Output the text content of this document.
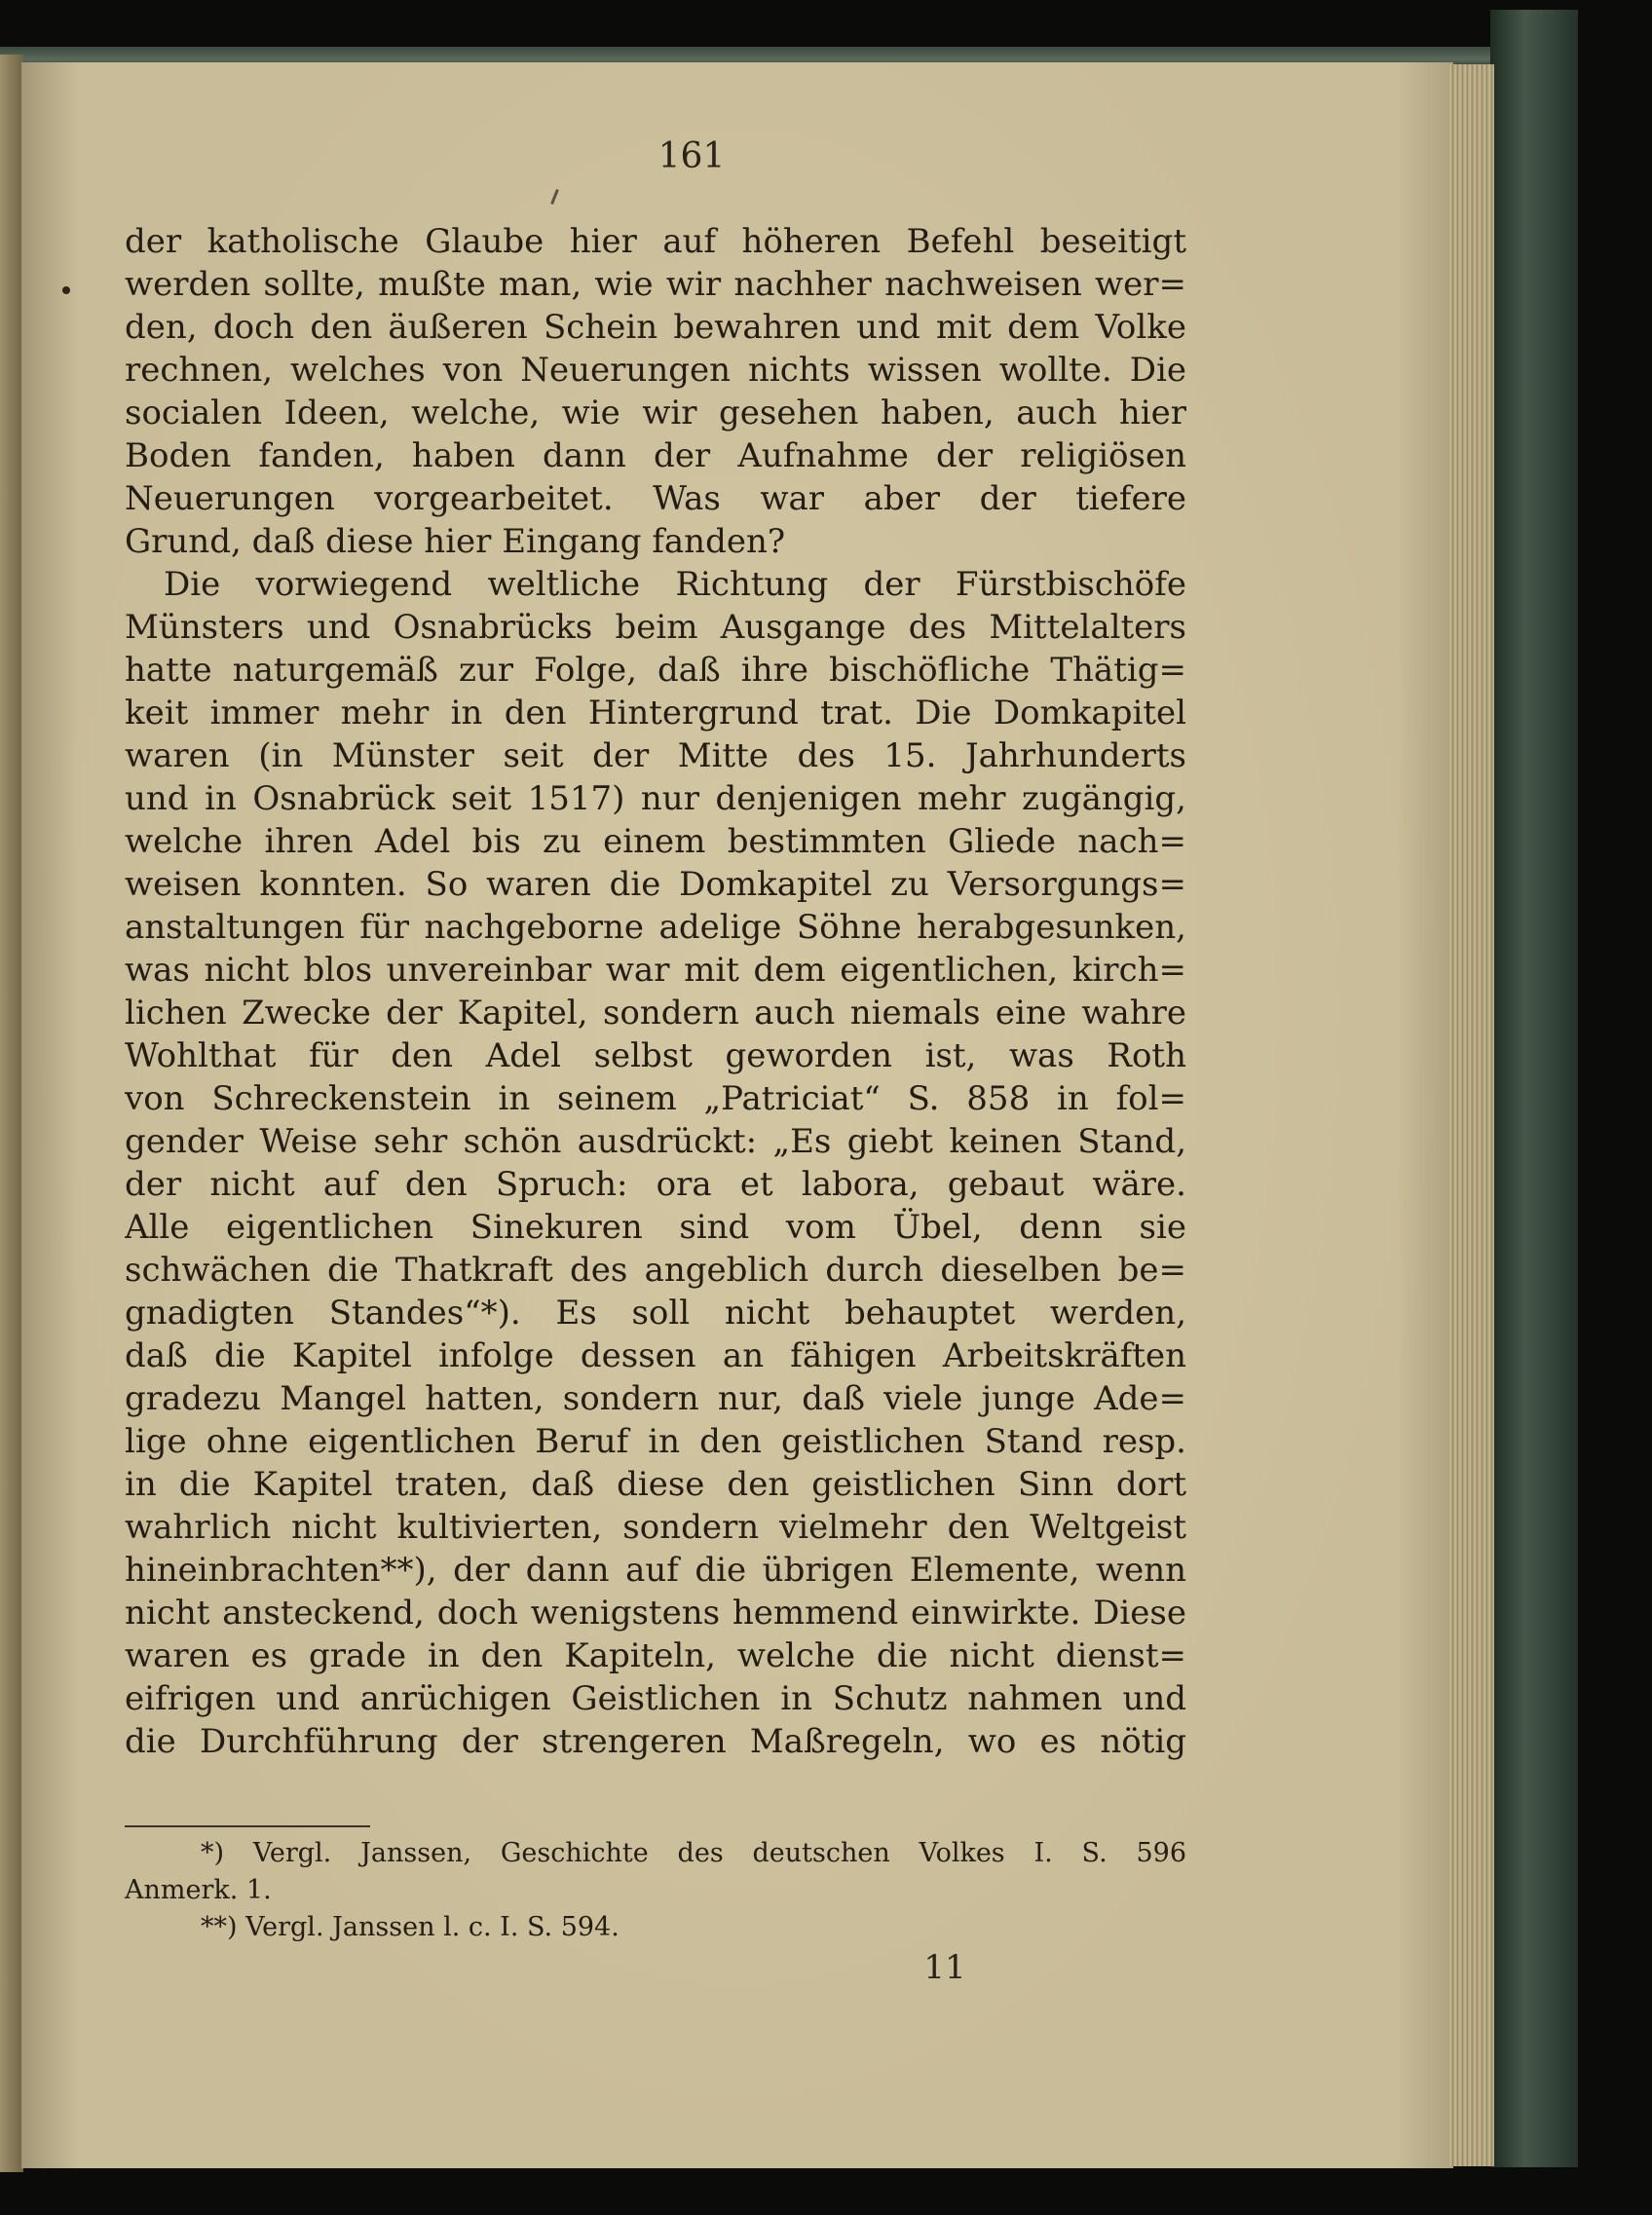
161
der katholische Glaube hier auf höheren Befehl beseitigt
werden sollte, mußte man, wie wir nachher nachweisen wer=
den, doch den äußeren Schein bewahren und mit dem Volke
rechnen, welches von Neuerungen nichts wissen wollte. Die
socialen Ideen, welche, wie wir gesehen haben, auch hier
Boden fanden, haben dann der Aufnahme der religiösen
Neuerungen vorgearbeitet. Was war aber der tiefere
Grund, daß diese hier Eingang fanden?
Die vorwiegend weltliche Richtung der Fürstbischöfe
Münsters und Osnabrücks beim Ausgange des Mittelalters
hatte naturgemäß zur Folge, daß ihre bischöfliche Thätig=
keit immer mehr in den Hintergrund trat. Die Domkapitel
waren (in Münster seit der Mitte des 15. Jahrhunderts
und in Osnabrück seit 1517) nur denjenigen mehr zugängig,
welche ihren Adel bis zu einem bestimmten Gliede nach=
weisen konnten. So waren die Domkapitel zu Versorgungs=
anstaltungen für nachgeborne adelige Söhne herabgesunken,
was nicht blos unvereinbar war mit dem eigentlichen, kirch=
lichen Zwecke der Kapitel, sondern auch niemals eine wahre
Wohlthat für den Adel selbst geworden ist, was Roth
von Schreckenstein in seinem „Patriciat“ S. 858 in fol=
gender Weise sehr schön ausdrückt: „Es giebt keinen Stand,
der nicht auf den Spruch: ora et labora, gebaut wäre.
Alle eigentlichen Sinekuren sind vom Übel, denn sie
schwächen die Thatkraft des angeblich durch dieselben be=
gnadigten Standes“*). Es soll nicht behauptet werden,
daß die Kapitel infolge dessen an fähigen Arbeitskräften
gradezu Mangel hatten, sondern nur, daß viele junge Ade=
lige ohne eigentlichen Beruf in den geistlichen Stand resp.
in die Kapitel traten, daß diese den geistlichen Sinn dort
wahrlich nicht kultivierten, sondern vielmehr den Weltgeist
hineinbrachten**), der dann auf die übrigen Elemente, wenn
nicht ansteckend, doch wenigstens hemmend einwirkte. Diese
waren es grade in den Kapiteln, welche die nicht dienst=
eifrigen und anrüchigen Geistlichen in Schutz nahmen und
die Durchführung der strengeren Maßregeln, wo es nötig
*) Vergl. Janssen, Geschichte des deutschen Volkes I. S. 596
Anmerk. 1.
**) Vergl. Janssen l. c. I. S. 594.
11
